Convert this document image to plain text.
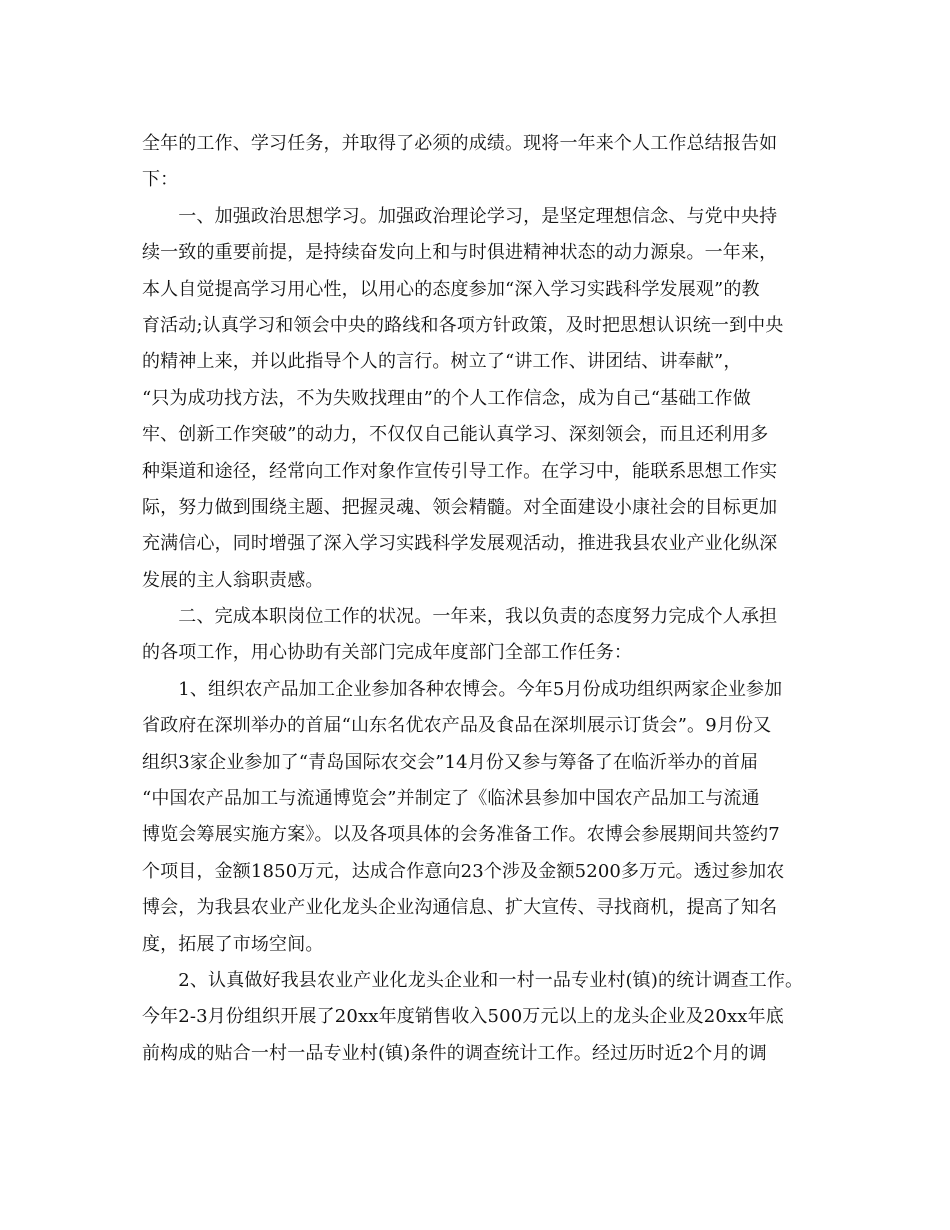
全年的工作、学习任务，并取得了必须的成绩。现将一年来个人工作总结报告如
下：
　　一、加强政治思想学习。加强政治理论学习，是坚定理想信念、与党中央持
续一致的重要前提，是持续奋发向上和与时俱进精神状态的动力源泉。一年来，
本人自觉提高学习用心性，以用心的态度参加“深入学习实践科学发展观”的教
育活动;认真学习和领会中央的路线和各项方针政策，及时把思想认识统一到中央
的精神上来，并以此指导个人的言行。树立了“讲工作、讲团结、讲奉献”，
“只为成功找方法，不为失败找理由”的个人工作信念，成为自己“基础工作做
牢、创新工作突破”的动力，不仅仅自己能认真学习、深刻领会，而且还利用多
种渠道和途径，经常向工作对象作宣传引导工作。在学习中，能联系思想工作实
际，努力做到围绕主题、把握灵魂、领会精髓。对全面建设小康社会的目标更加
充满信心，同时增强了深入学习实践科学发展观活动，推进我县农业产业化纵深
发展的主人翁职责感。
　　二、完成本职岗位工作的状况。一年来，我以负责的态度努力完成个人承担
的各项工作，用心协助有关部门完成年度部门全部工作任务：
　　1、组织农产品加工企业参加各种农博会。今年5月份成功组织两家企业参加
省政府在深圳举办的首届“山东名优农产品及食品在深圳展示订货会”。9月份又
组织3家企业参加了“青岛国际农交会”14月份又参与筹备了在临沂举办的首届
“中国农产品加工与流通博览会”并制定了《临沭县参加中国农产品加工与流通
博览会筹展实施方案》。以及各项具体的会务准备工作。农博会参展期间共签约7
个项目，金额1850万元，达成合作意向23个涉及金额5200多万元。透过参加农
博会，为我县农业产业化龙头企业沟通信息、扩大宣传、寻找商机，提高了知名
度，拓展了市场空间。
　　2、认真做好我县农业产业化龙头企业和一村一品专业村(镇)的统计调查工作。
今年2-3月份组织开展了20xx年度销售收入500万元以上的龙头企业及20xx年底
前构成的贴合一村一品专业村(镇)条件的调查统计工作。经过历时近2个月的调
